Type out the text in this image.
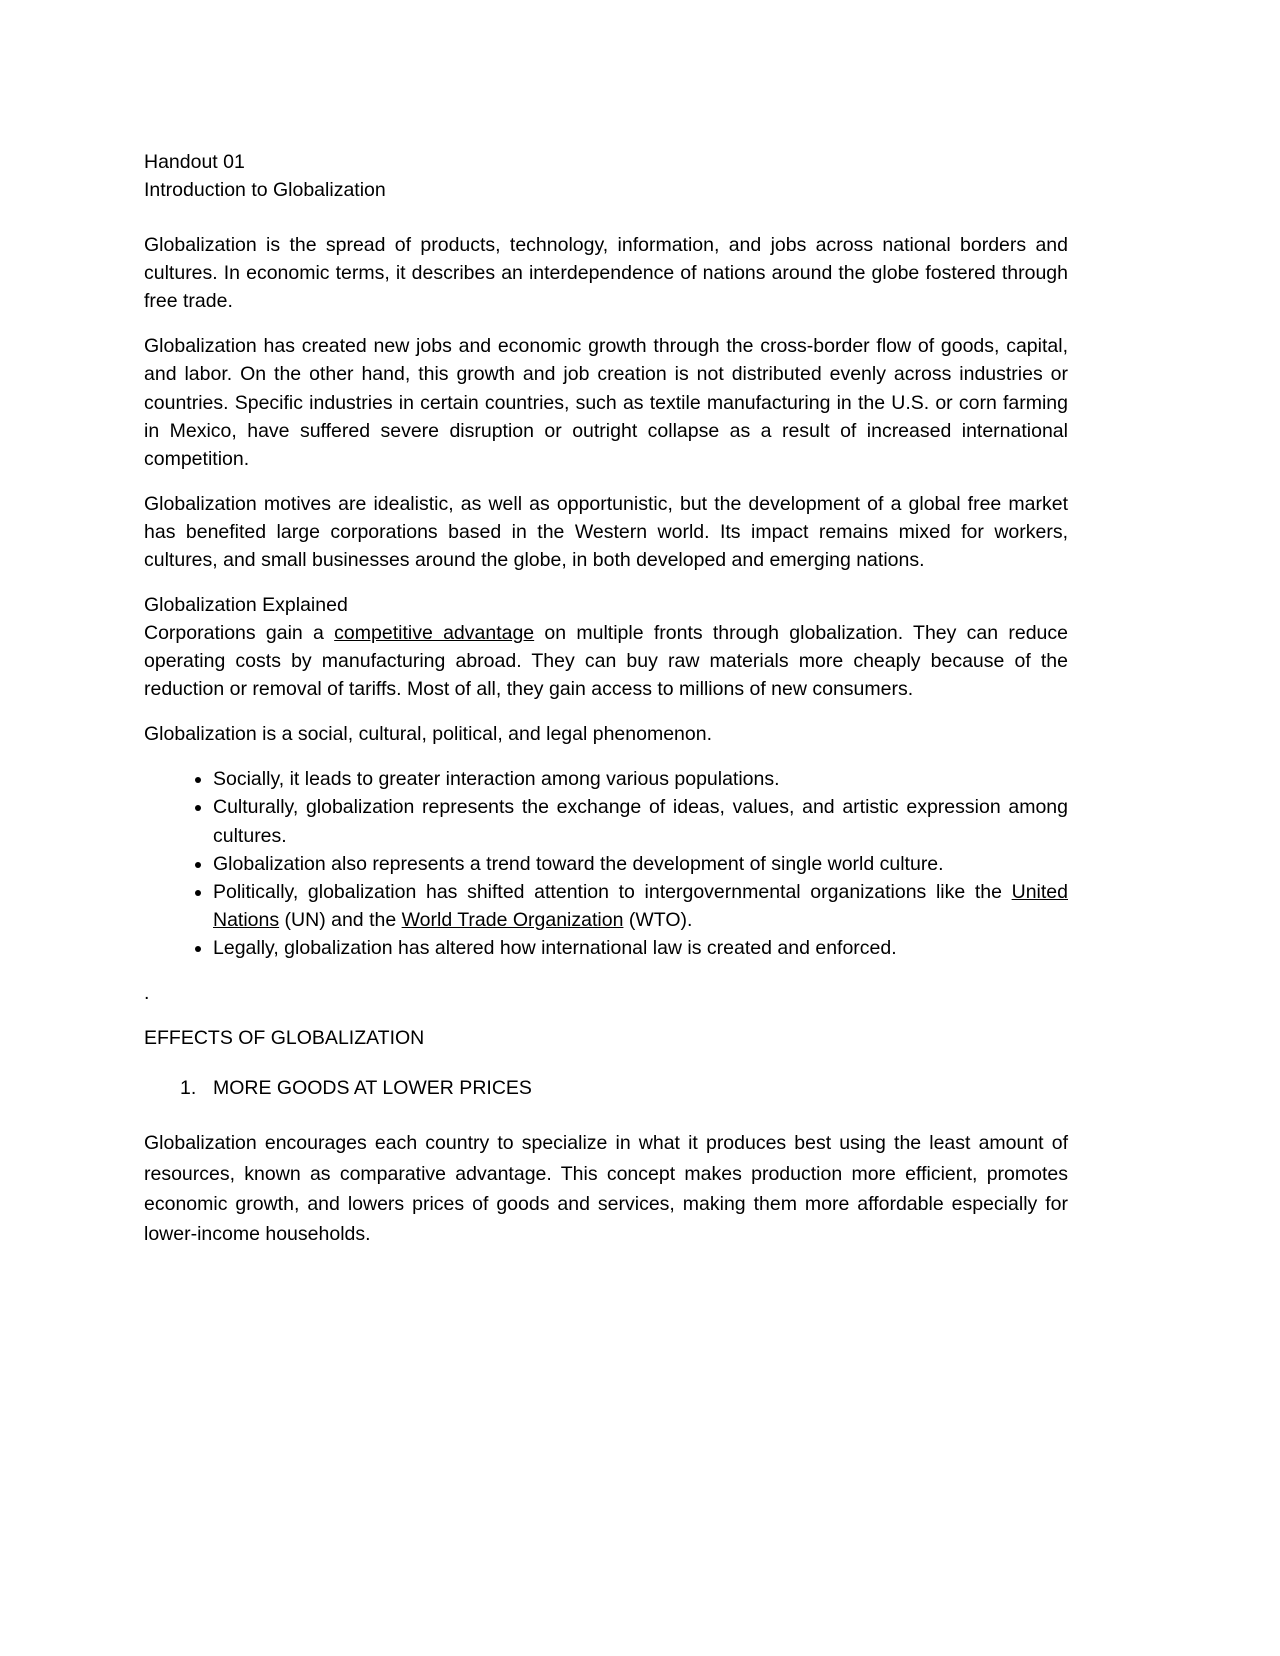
Handout 01

Introduction to Globalization

Globalization is the spread of products, technology, information, and jobs across national borders and cultures. In economic terms, it describes an interdependence of nations around the globe fostered through free trade.

Globalization has created new jobs and economic growth through the cross-border flow of goods, capital, and labor. On the other hand, this growth and job creation is not distributed evenly across industries or countries. Specific industries in certain countries, such as textile manufacturing in the U.S. or corn farming in Mexico, have suffered severe disruption or outright collapse as a result of increased international competition.

Globalization motives are idealistic, as well as opportunistic, but the development of a global free market has benefited large corporations based in the Western world. Its impact remains mixed for workers, cultures, and small businesses around the globe, in both developed and emerging nations.

Globalization Explained

Corporations gain a competitive advantage on multiple fronts through globalization. They can reduce operating costs by manufacturing abroad. They can buy raw materials more cheaply because of the reduction or removal of tariffs. Most of all, they gain access to millions of new consumers.

Globalization is a social, cultural, political, and legal phenomenon.

• Socially, it leads to greater interaction among various populations.
• Culturally, globalization represents the exchange of ideas, values, and artistic expression among cultures.
• Globalization also represents a trend toward the development of single world culture.
• Politically, globalization has shifted attention to intergovernmental organizations like the United Nations (UN) and the World Trade Organization (WTO).
• Legally, globalization has altered how international law is created and enforced.

.

EFFECTS OF GLOBALIZATION

1. MORE GOODS AT LOWER PRICES

Globalization encourages each country to specialize in what it produces best using the least amount of resources, known as comparative advantage. This concept makes production more efficient, promotes economic growth, and lowers prices of goods and services, making them more affordable especially for lower-income households.
